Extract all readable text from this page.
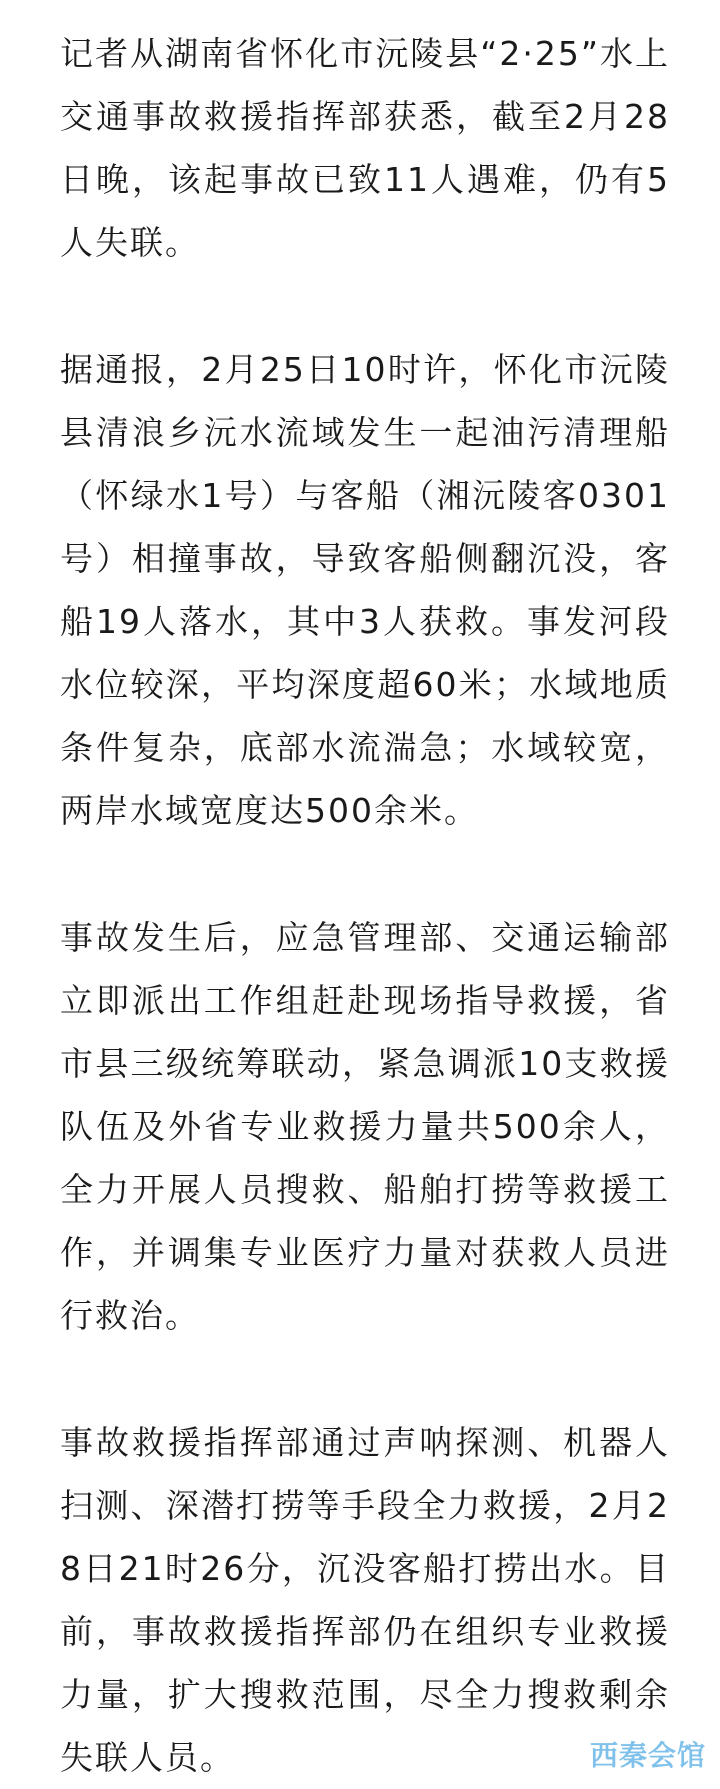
记者从湖南省怀化市沅陵县“2·25”水上交通事故救援指挥部获悉，截至2月28日晚，该起事故已致11人遇难，仍有5人失联。

据通报，2月25日10时许，怀化市沅陵县清浪乡沅水流域发生一起油污清理船（怀绿水1号）与客船（湘沅陵客0301号）相撞事故，导致客船侧翻沉没，客船19人落水，其中3人获救。事发河段水位较深，平均深度超60米；水域地质条件复杂，底部水流湍急；水域较宽，两岸水域宽度达500余米。

事故发生后，应急管理部、交通运输部立即派出工作组赶赴现场指导救援，省市县三级统筹联动，紧急调派10支救援队伍及外省专业救援力量共500余人，全力开展人员搜救、船舶打捞等救援工作，并调集专业医疗力量对获救人员进行救治。

事故救援指挥部通过声呐探测、机器人扫测、深潜打捞等手段全力救援，2月28日21时26分，沉没客船打捞出水。目前，事故救援指挥部仍在组织专业救援力量，扩大搜救范围，尽全力搜救剩余失联人员。	西秦会馆
